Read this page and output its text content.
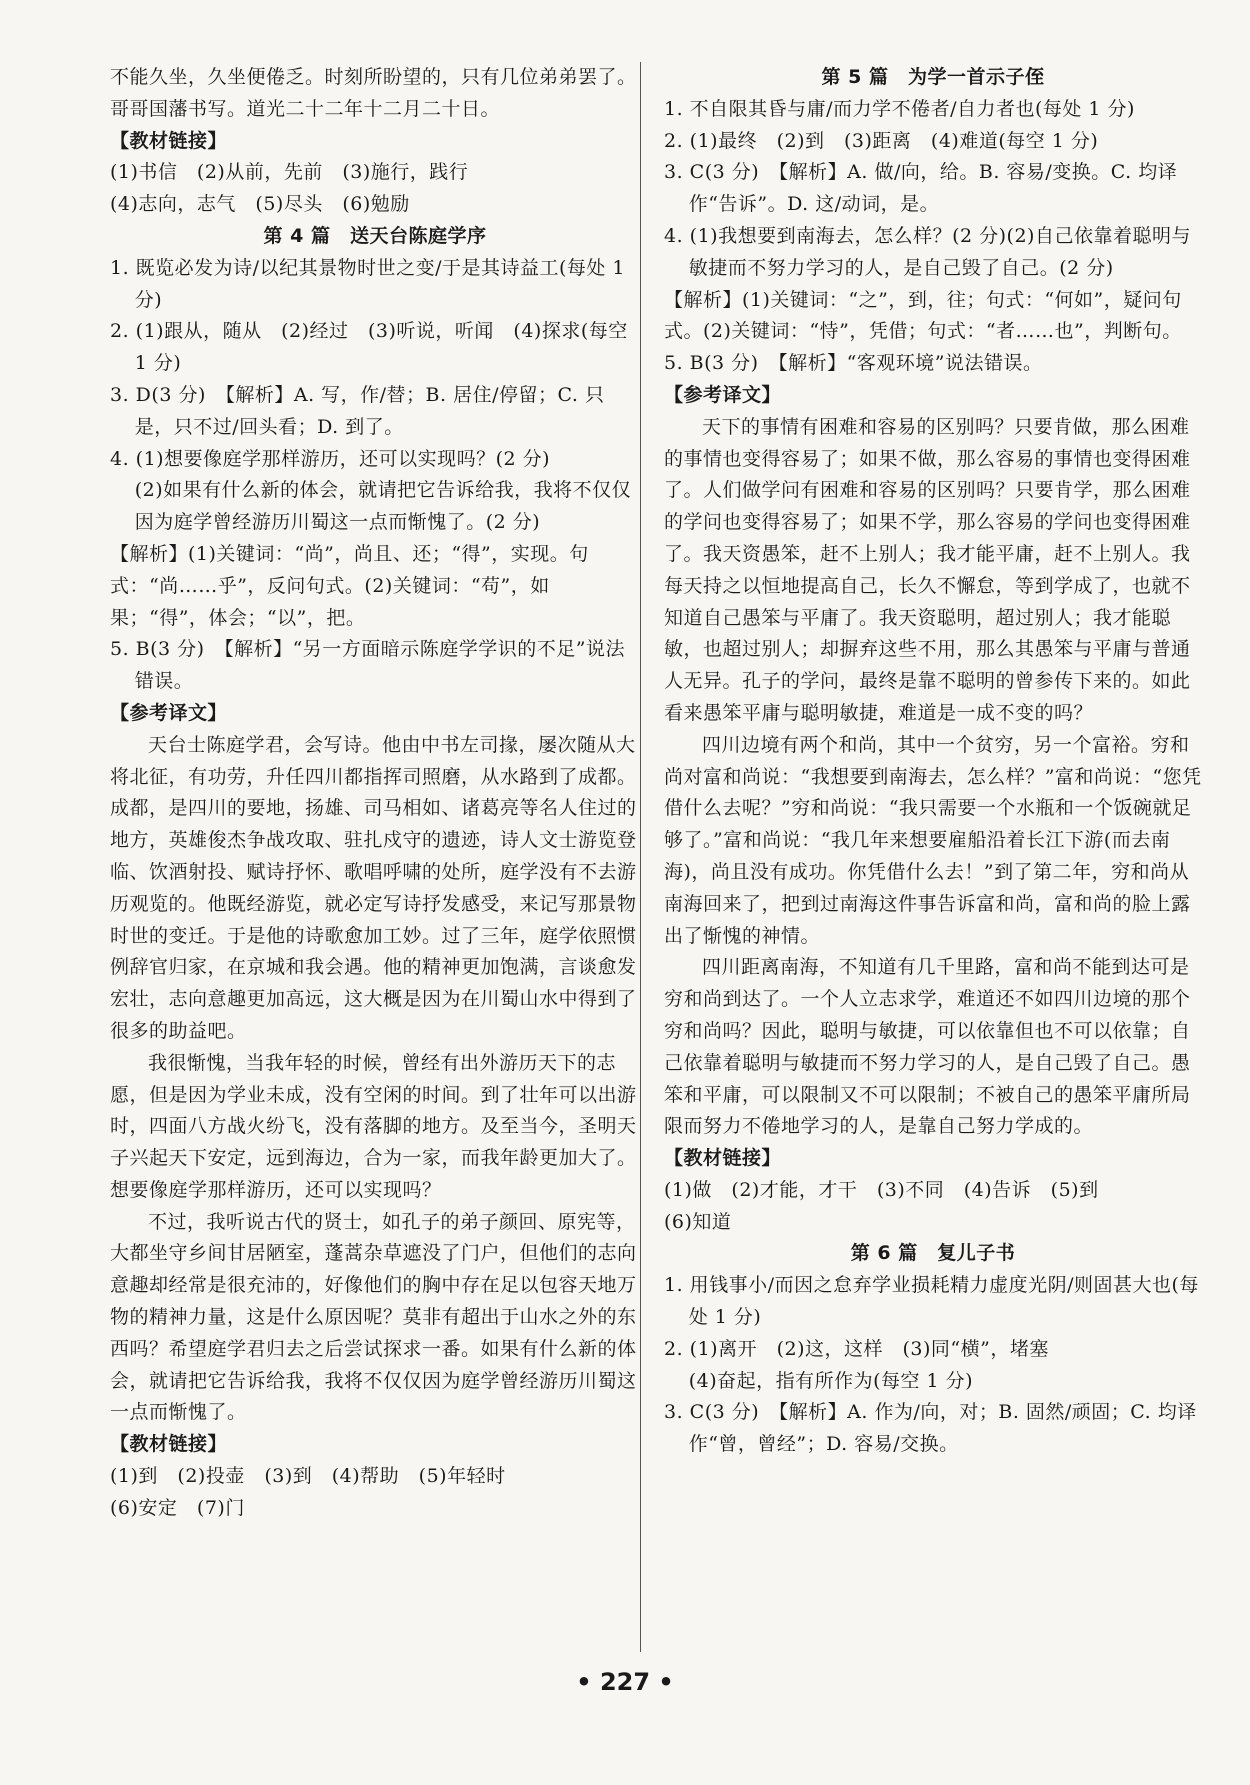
不能久坐，久坐便倦乏。时刻所盼望的，只有几位弟弟罢了。哥哥国藩书写。道光二十二年十二月二十日。

【教材链接】

(1)书信　(2)从前，先前　(3)施行，践行

(4)志向，志气　(5)尽头　(6)勉励

第 4 篇　送天台陈庭学序

1. 既览必发为诗/以纪其景物时世之变/于是其诗益工(每处 1 分)

2. (1)跟从，随从　(2)经过　(3)听说，听闻　(4)探求(每空 1 分)

3. D(3 分)　【解析】A. 写，作/替；B. 居住/停留；C. 只是，只不过/回头看；D. 到了。

4. (1)想要像庭学那样游历，还可以实现吗？(2 分)

(2)如果有什么新的体会，就请把它告诉给我，我将不仅仅因为庭学曾经游历川蜀这一点而惭愧了。(2 分)

【解析】(1)关键词：“尚”，尚且、还；“得”，实现。句式：“尚……乎”，反问句式。(2)关键词：“苟”，如果；“得”，体会；“以”，把。

5. B(3 分)　【解析】“另一方面暗示陈庭学学识的不足”说法错误。

【参考译文】

天台士陈庭学君，会写诗。他由中书左司掾，屡次随从大将北征，有功劳，升任四川都指挥司照磨，从水路到了成都。成都，是四川的要地，扬雄、司马相如、诸葛亮等名人住过的地方，英雄俊杰争战攻取、驻扎戍守的遗迹，诗人文士游览登临、饮酒射投、赋诗抒怀、歌唱呼啸的处所，庭学没有不去游历观览的。他既经游览，就必定写诗抒发感受，来记写那景物时世的变迁。于是他的诗歌愈加工妙。过了三年，庭学依照惯例辞官归家，在京城和我会遇。他的精神更加饱满，言谈愈发宏壮，志向意趣更加高远，这大概是因为在川蜀山水中得到了很多的助益吧。

我很惭愧，当我年轻的时候，曾经有出外游历天下的志愿，但是因为学业未成，没有空闲的时间。到了壮年可以出游时，四面八方战火纷飞，没有落脚的地方。及至当今，圣明天子兴起天下安定，远到海边，合为一家，而我年龄更加大了。想要像庭学那样游历，还可以实现吗？

不过，我听说古代的贤士，如孔子的弟子颜回、原宪等，大都坐守乡间甘居陋室，蓬蒿杂草遮没了门户，但他们的志向意趣却经常是很充沛的，好像他们的胸中存在足以包容天地万物的精神力量，这是什么原因呢？莫非有超出于山水之外的东西吗？希望庭学君归去之后尝试探求一番。如果有什么新的体会，就请把它告诉给我，我将不仅仅因为庭学曾经游历川蜀这一点而惭愧了。

【教材链接】

(1)到　(2)投壶　(3)到　(4)帮助　(5)年轻时

(6)安定　(7)门

第 5 篇　为学一首示子侄

1. 不自限其昏与庸/而力学不倦者/自力者也(每处 1 分)

2. (1)最终　(2)到　(3)距离　(4)难道(每空 1 分)

3. C(3 分)　【解析】A. 做/向，给。B. 容易/变换。C. 均译作“告诉”。D. 这/动词，是。

4. (1)我想要到南海去，怎么样？(2 分)(2)自己依靠着聪明与敏捷而不努力学习的人，是自己毁了自己。(2 分)

【解析】(1)关键词：“之”，到，往；句式：“何如”，疑问句式。(2)关键词：“恃”，凭借；句式：“者……也”，判断句。

5. B(3 分)　【解析】“客观环境”说法错误。

【参考译文】

天下的事情有困难和容易的区别吗？只要肯做，那么困难的事情也变得容易了；如果不做，那么容易的事情也变得困难了。人们做学问有困难和容易的区别吗？只要肯学，那么困难的学问也变得容易了；如果不学，那么容易的学问也变得困难了。我天资愚笨，赶不上别人；我才能平庸，赶不上别人。我每天持之以恒地提高自己，长久不懈怠，等到学成了，也就不知道自己愚笨与平庸了。我天资聪明，超过别人；我才能聪敏，也超过别人；却摒弃这些不用，那么其愚笨与平庸与普通人无异。孔子的学问，最终是靠不聪明的曾参传下来的。如此看来愚笨平庸与聪明敏捷，难道是一成不变的吗？

四川边境有两个和尚，其中一个贫穷，另一个富裕。穷和尚对富和尚说：“我想要到南海去，怎么样？”富和尚说：“您凭借什么去呢？”穷和尚说：“我只需要一个水瓶和一个饭碗就足够了。”富和尚说：“我几年来想要雇船沿着长江下游(而去南海)，尚且没有成功。你凭借什么去！”到了第二年，穷和尚从南海回来了，把到过南海这件事告诉富和尚，富和尚的脸上露出了惭愧的神情。

四川距离南海，不知道有几千里路，富和尚不能到达可是穷和尚到达了。一个人立志求学，难道还不如四川边境的那个穷和尚吗？因此，聪明与敏捷，可以依靠但也不可以依靠；自己依靠着聪明与敏捷而不努力学习的人，是自己毁了自己。愚笨和平庸，可以限制又不可以限制；不被自己的愚笨平庸所局限而努力不倦地学习的人，是靠自己努力学成的。

【教材链接】

(1)做　(2)才能，才干　(3)不同　(4)告诉　(5)到

(6)知道

第 6 篇　复儿子书

1. 用钱事小/而因之怠弃学业损耗精力虚度光阴/则固甚大也(每处 1 分)

2. (1)离开　(2)这，这样　(3)同“横”，堵塞

(4)奋起，指有所作为(每空 1 分)

3. C(3 分)　【解析】A. 作为/向，对；B. 固然/顽固；C. 均译作“曾，曾经”；D. 容易/交换。

• 227 •
